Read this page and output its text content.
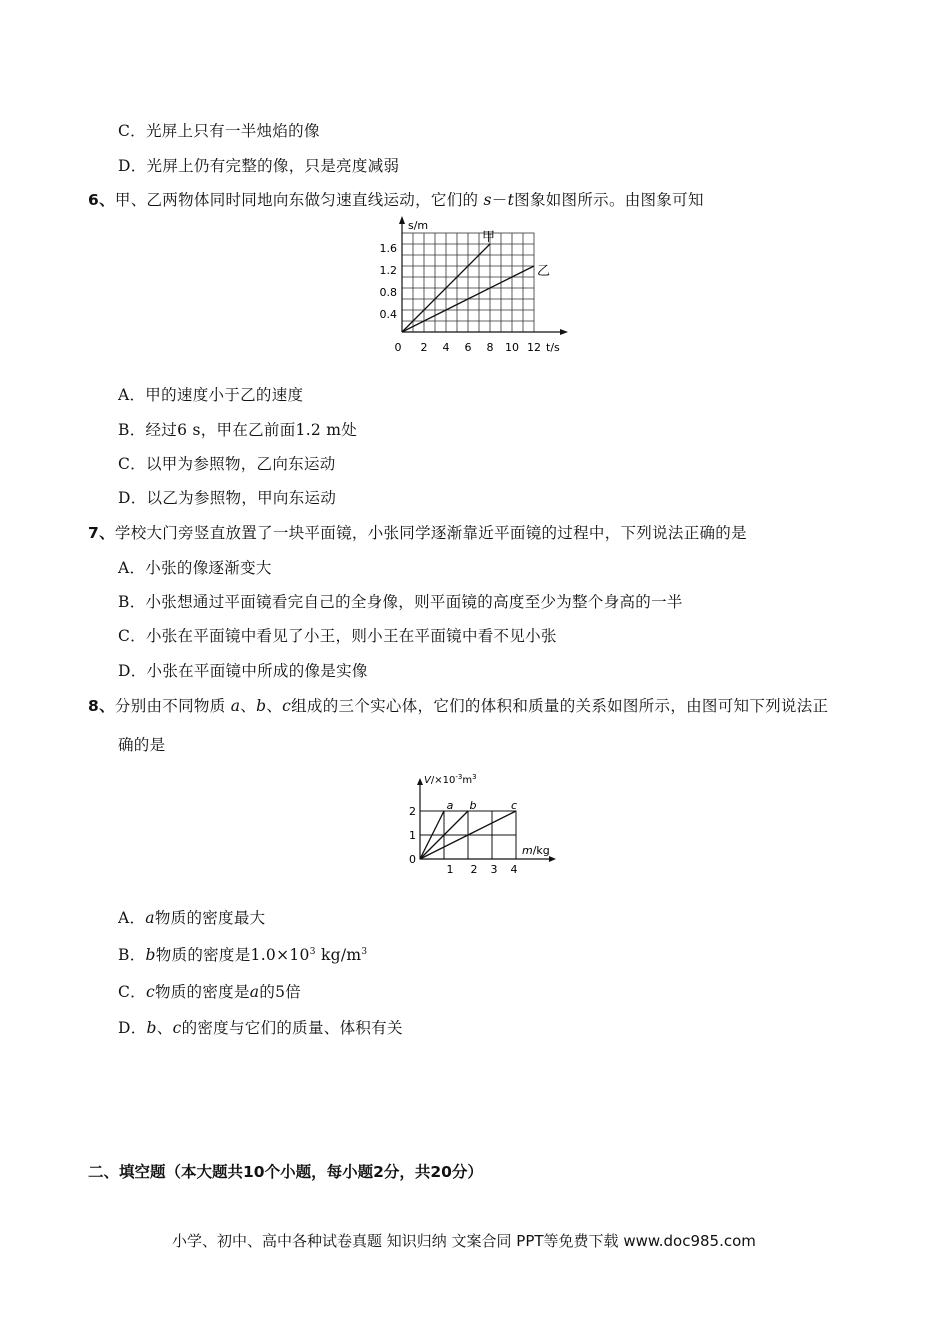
C．光屏上只有一半烛焰的像
D．光屏上仍有完整的像，只是亮度减弱
6、甲、乙两物体同时同地向东做匀速直线运动，它们的 s－t图象如图所示。由图象可知
s/m
1.6
1.2
0.8
0.4
0 2 4 6 8 10 12 t/s
甲
乙
A．甲的速度小于乙的速度
B．经过6 s，甲在乙前面1.2 m处
C．以甲为参照物，乙向东运动
D．以乙为参照物，甲向东运动
7、学校大门旁竖直放置了一块平面镜，小张同学逐渐靠近平面镜的过程中，下列说法正确的是
A．小张的像逐渐变大
B．小张想通过平面镜看完自己的全身像，则平面镜的高度至少为整个身高的一半
C．小张在平面镜中看见了小王，则小王在平面镜中看不见小张
D．小张在平面镜中所成的像是实像
8、分别由不同物质 a、b、c组成的三个实心体，它们的体积和质量的关系如图所示，由图可知下列说法正
确的是
$V/\times 10^{-3}m^3$
2
1
0
1 2 3 4
m/kg
a b	c
A．a物质的密度最大
B．b物质的密度是$1.0\times 10^3$ $kg/m^3$
C．c物质的密度是a的5倍
D．b、c的密度与它们的质量、体积有关
二、填空题（本大题共10个小题，每小题2分，共20分）
小学、初中、高中各种试卷真题 知识归纳 文案合同 PPT等免费下载 www.doc985.com
